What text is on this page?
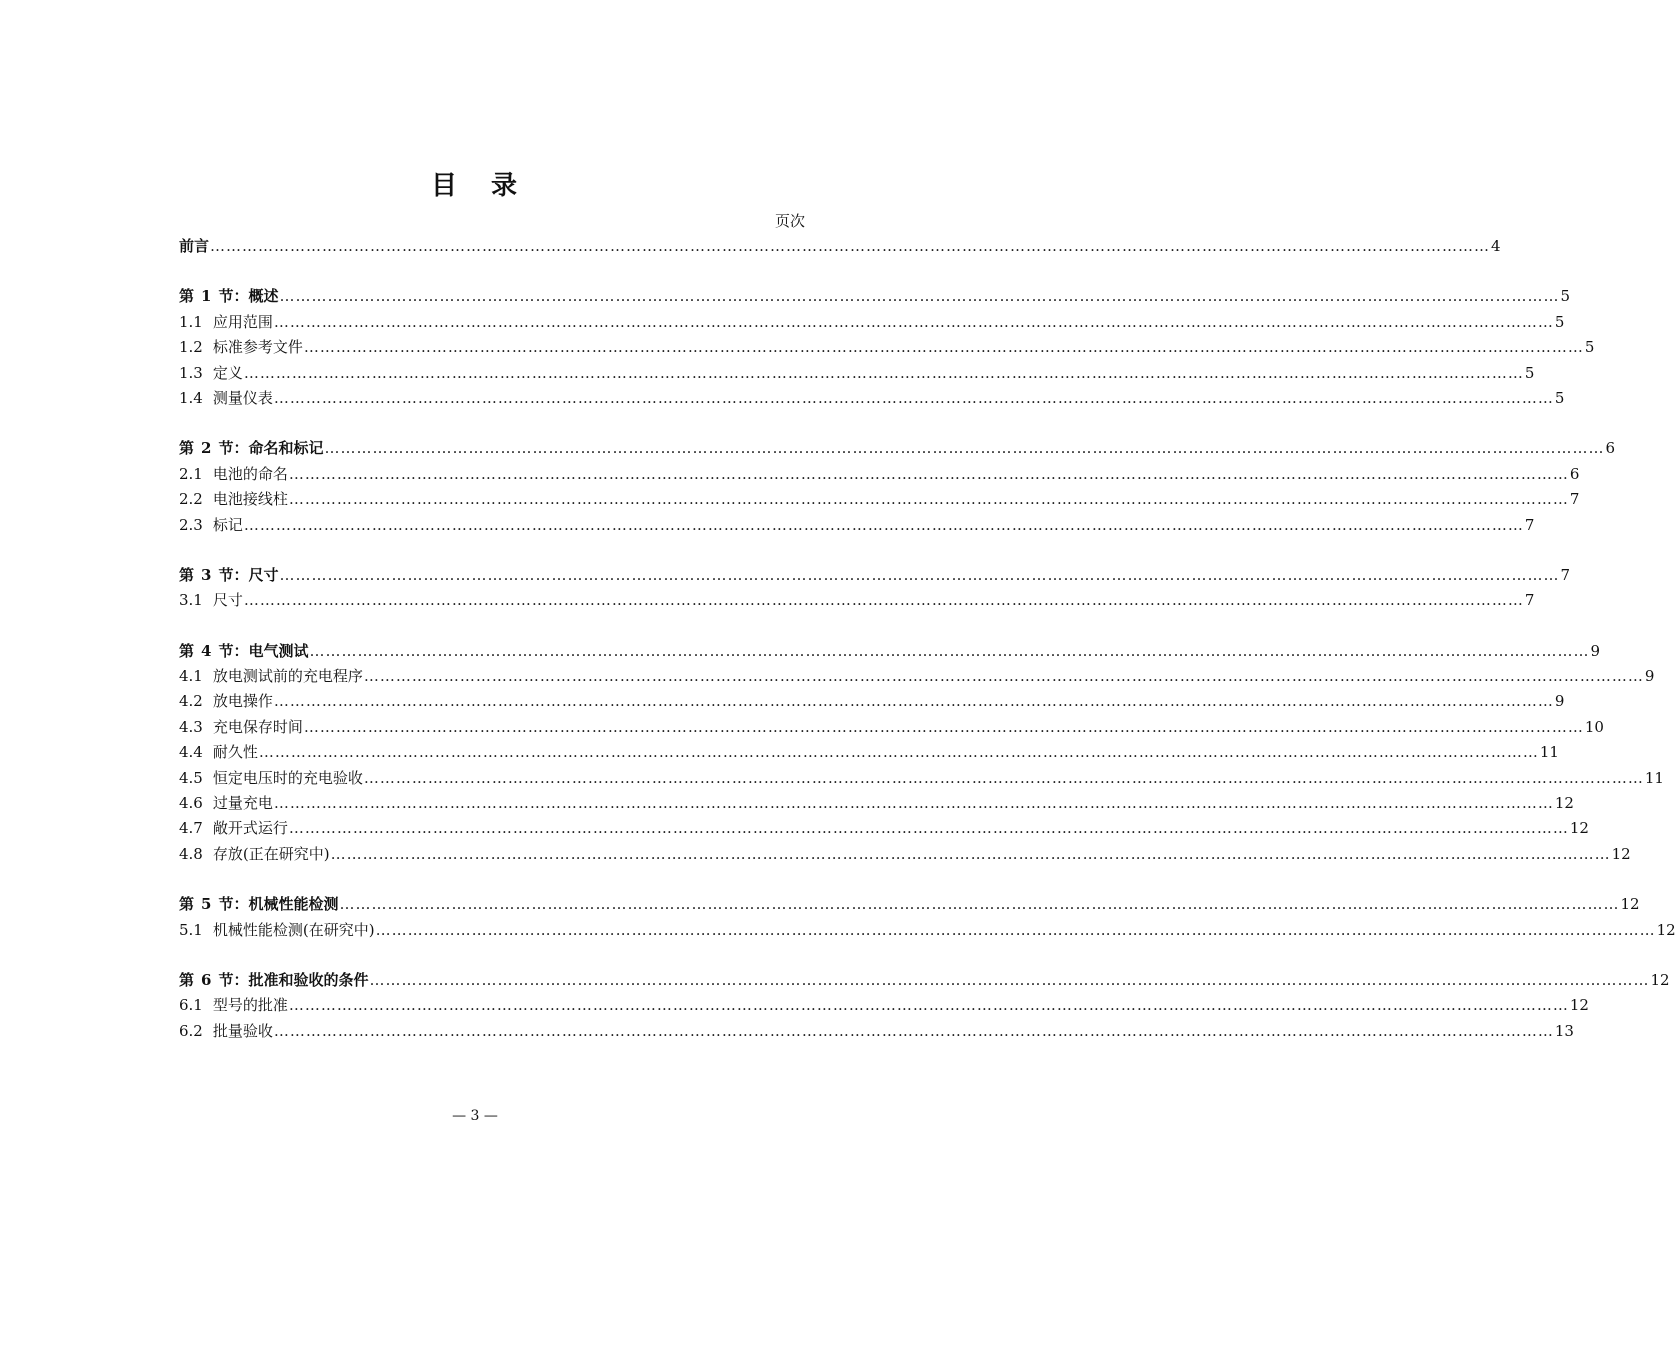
目 录
页次
前言 …………………………………………………………………………………………………………………………………………………………………………………………………………………… 4
第 1 节：概述 …………………………………………………………………………………………………………………………………………………………………………………………………………………… 5
1.1 应用范围 …………………………………………………………………………………………………………………………………………………………………………………………………………………… 5
1.2 标准参考文件 …………………………………………………………………………………………………………………………………………………………………………………………………………………… 5
1.3 定义 …………………………………………………………………………………………………………………………………………………………………………………………………………………… 5
1.4 测量仪表 …………………………………………………………………………………………………………………………………………………………………………………………………………………… 5
第 2 节：命名和标记 …………………………………………………………………………………………………………………………………………………………………………………………………………………… 6
2.1 电池的命名 …………………………………………………………………………………………………………………………………………………………………………………………………………………… 6
2.2 电池接线柱 …………………………………………………………………………………………………………………………………………………………………………………………………………………… 7
2.3 标记 …………………………………………………………………………………………………………………………………………………………………………………………………………………… 7
第 3 节：尺寸 …………………………………………………………………………………………………………………………………………………………………………………………………………………… 7
3.1 尺寸 …………………………………………………………………………………………………………………………………………………………………………………………………………………… 7
第 4 节：电气测试 …………………………………………………………………………………………………………………………………………………………………………………………………………………… 9
4.1 放电测试前的充电程序 …………………………………………………………………………………………………………………………………………………………………………………………………………………… 9
4.2 放电操作 …………………………………………………………………………………………………………………………………………………………………………………………………………………… 9
4.3 充电保存时间 …………………………………………………………………………………………………………………………………………………………………………………………………………………… 10
4.4 耐久性 …………………………………………………………………………………………………………………………………………………………………………………………………………………… 11
4.5 恒定电压时的充电验收 …………………………………………………………………………………………………………………………………………………………………………………………………………………… 11
4.6 过量充电 …………………………………………………………………………………………………………………………………………………………………………………………………………………… 12
4.7 敞开式运行 …………………………………………………………………………………………………………………………………………………………………………………………………………………… 12
4.8 存放(正在研究中) …………………………………………………………………………………………………………………………………………………………………………………………………………………… 12
第 5 节：机械性能检测 …………………………………………………………………………………………………………………………………………………………………………………………………………………… 12
5.1 机械性能检测(在研究中) …………………………………………………………………………………………………………………………………………………………………………………………………………………… 12
第 6 节：批准和验收的条件 …………………………………………………………………………………………………………………………………………………………………………………………………………………… 12
6.1 型号的批准 …………………………………………………………………………………………………………………………………………………………………………………………………………………… 12
6.2 批量验收 …………………………………………………………………………………………………………………………………………………………………………………………………………………… 13
— 3 —
